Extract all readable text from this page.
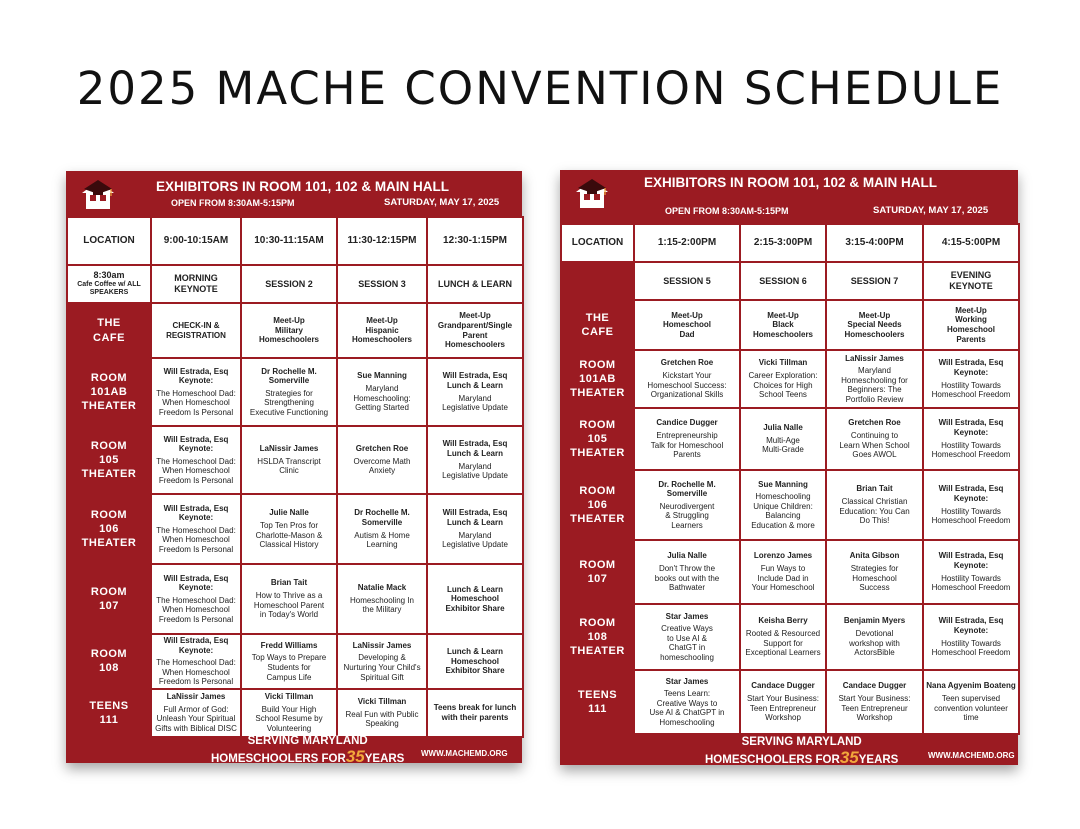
2025 MACHE CONVENTION SCHEDULE
EXHIBITORS IN ROOM 101, 102 & MAIN HALL
OPEN FROM 8:30AM-5:15PM	SATURDAY, MAY 17, 2025
LOCATION	9:00-10:15AM	10:30-11:15AM	11:30-12:15PM	12:30-1:15PM

8:30am
Cafe Coffee w/ ALL SPEAKERS	MORNING
KEYNOTE	SESSION 2	SESSION 3	LUNCH & LEARN

THE
CAFE	CHECK-IN &
REGISTRATION	Meet-Up
Military
Homeschoolers	Meet-Up
Hispanic
Homeschoolers	Meet-Up
Grandparent/Single
Parent
Homeschoolers

ROOM
101AB
THEATER	Will Estrada, Esq
Keynote:
The Homeschool Dad:
When Homeschool
Freedom Is Personal	Dr Rochelle M.
Somerville
Strategies for
Strengthening
Executive Functioning	Sue Manning
Maryland
Homeschooling:
Getting Started	Will Estrada, Esq
Lunch & Learn
Maryland
Legislative Update

ROOM
105
THEATER	Will Estrada, Esq
Keynote:
The Homeschool Dad:
When Homeschool
Freedom Is Personal	LaNissir James
HSLDA Transcript
Clinic	Gretchen Roe
Overcome Math
Anxiety	Will Estrada, Esq
Lunch & Learn
Maryland
Legislative Update

ROOM
106
THEATER	Will Estrada, Esq
Keynote:
The Homeschool Dad:
When Homeschool
Freedom Is Personal	Julie Nalle
Top Ten Pros for
Charlotte-Mason &
Classical History	Dr Rochelle M.
Somerville
Autism & Home
Learning	Will Estrada, Esq
Lunch & Learn
Maryland
Legislative Update

ROOM
107	Will Estrada, Esq
Keynote:
The Homeschool Dad:
When Homeschool
Freedom Is Personal	Brian Tait
How to Thrive as a
Homeschool Parent
in Today's World	Natalie Mack
Homeschooling In
the Military	Lunch & Learn
Homeschool
Exhibitor Share

ROOM
108	Will Estrada, Esq
Keynote:
The Homeschool Dad:
When Homeschool
Freedom Is Personal	Fredd Williams
Top Ways to Prepare
Students for
Campus Life	LaNissir James
Developing &
Nurturing Your Child's
Spiritual Gift	Lunch & Learn
Homeschool
Exhibitor Share

TEENS
111	LaNissir James
Full Armor of God:
Unleash Your Spiritual
Gifts with Biblical DISC	Vicki Tillman
Build Your High
School Resume by
Volunteering	Vicki Tillman
Real Fun with Public
Speaking	Teens break for lunch
with their parents
SERVING MARYLAND
HOMESCHOOLERS FOR35YEARS WWW.MACHEMD.ORG
EXHIBITORS IN ROOM 101, 102 & MAIN HALL
OPEN FROM 8:30AM-5:15PM	SATURDAY, MAY 17, 2025
LOCATION	1:15-2:00PM	2:15-3:00PM	3:15-4:00PM	4:15-5:00PM
	SESSION 5	SESSION 6	SESSION 7	EVENING
KEYNOTE

THE
CAFE	Meet-Up
Homeschool
Dad	Meet-Up
Black
Homeschoolers	Meet-Up
Special Needs
Homeschoolers	Meet-Up
Working
Homeschool
Parents

ROOM
101AB
THEATER	Gretchen Roe
Kickstart Your
Homeschool Success:
Organizational Skills	Vicki Tillman
Career Exploration:
Choices for High
School Teens	LaNissir James
Maryland
Homeschooling for
Beginners: The
Portfolio Review	Will Estrada, Esq
Keynote:
Hostility Towards
Homeschool Freedom

ROOM
105
THEATER	Candice Dugger
Entrepreneurship
Talk for Homeschool
Parents	Julia Nalle
Multi-Age
Multi-Grade	Gretchen Roe
Continuing to
Learn When School
Goes AWOL	Will Estrada, Esq
Keynote:
Hostility Towards
Homeschool Freedom

ROOM
106
THEATER	Dr. Rochelle M.
Somerville
Neurodivergent
& Struggling
Learners	Sue Manning
Homeschooling
Unique Children:
Balancing
Education & more	Brian Tait
Classical Christian
Education: You Can
Do This!	Will Estrada, Esq
Keynote:
Hostility Towards
Homeschool Freedom

ROOM
107	Julia Nalle
Don't Throw the
books out with the
Bathwater	Lorenzo James
Fun Ways to
Include Dad in
Your Homeschool	Anita Gibson
Strategies for
Homeschool
Success	Will Estrada, Esq
Keynote:
Hostility Towards
Homeschool Freedom

ROOM
108
THEATER	Star James
Creative Ways
to Use AI &
ChatGT in
homeschooling	Keisha Berry
Rooted & Resourced
Support for
Exceptional Learners	Benjamin Myers
Devotional
workshop with
ActorsBible	Will Estrada, Esq
Keynote:
Hostility Towards
Homeschool Freedom

TEENS
111	Star James
Teens Learn:
Creative Ways to
Use AI & ChatGPT in
Homeschooling	Candace Dugger
Start Your Business:
Teen Entrepreneur
Workshop	Candace Dugger
Start Your Business:
Teen Entrepreneur
Workshop	Nana Agyenim Boateng
Teen supervised
convention volunteer
time
SERVING MARYLAND
HOMESCHOOLERS FOR35YEARS	WWW.MACHEMD.ORG
